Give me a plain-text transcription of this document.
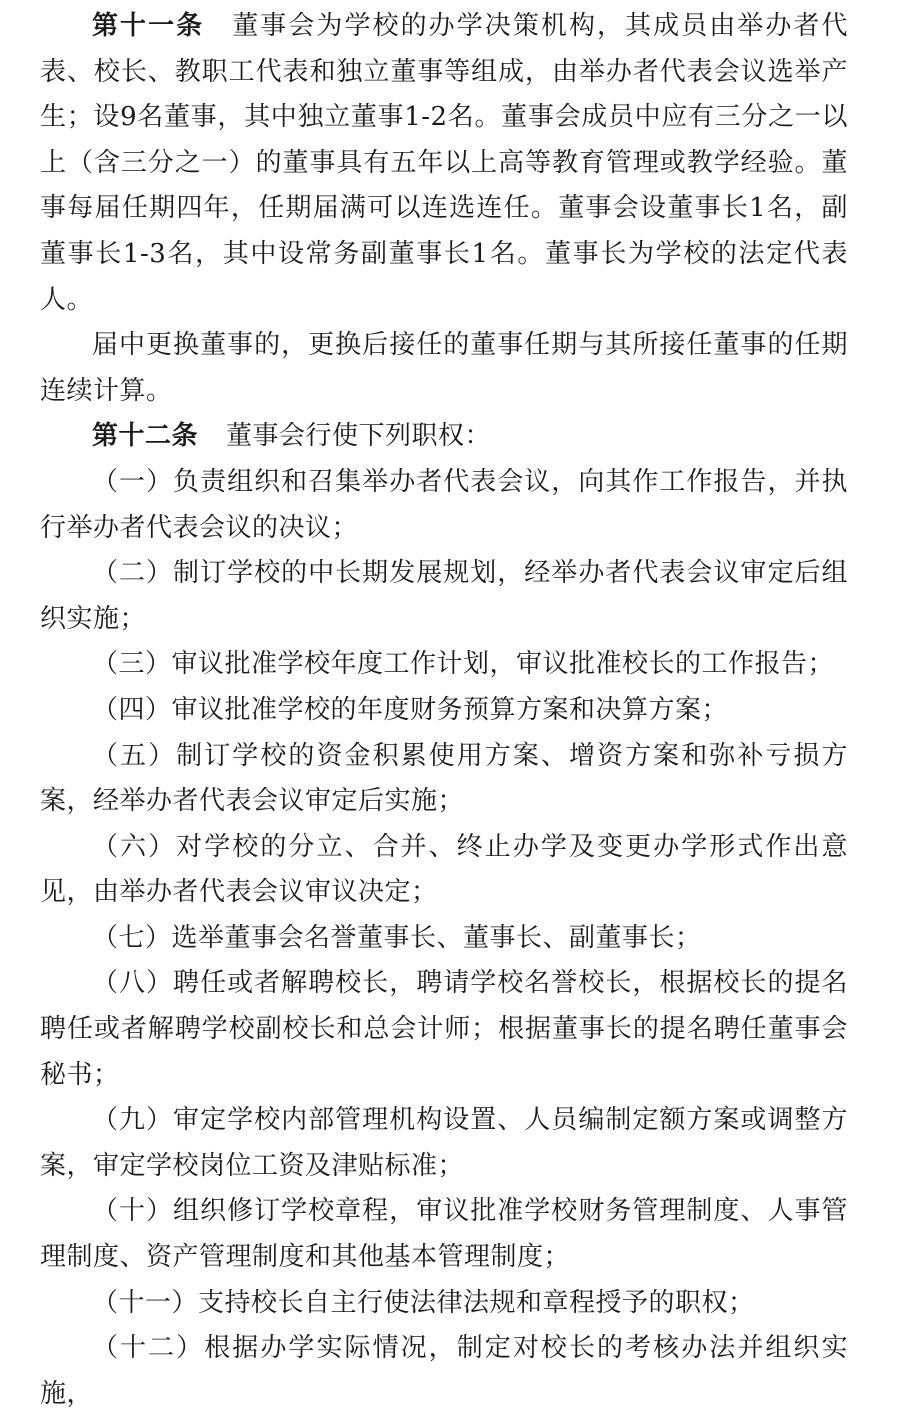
第十一条 董事会为学校的办学决策机构，其成员由举办者代表、校长、教职工代表和独立董事等组成，由举办者代表会议选举产生；设9名董事，其中独立董事1-2名。董事会成员中应有三分之一以上（含三分之一）的董事具有五年以上高等教育管理或教学经验。董事每届任期四年，任期届满可以连选连任。董事会设董事长1名，副董事长1-3名，其中设常务副董事长1名。董事长为学校的法定代表人。

届中更换董事的，更换后接任的董事任期与其所接任董事的任期连续计算。

第十二条 董事会行使下列职权：

（一）负责组织和召集举办者代表会议，向其作工作报告，并执行举办者代表会议的决议；

（二）制订学校的中长期发展规划，经举办者代表会议审定后组织实施；

（三）审议批准学校年度工作计划，审议批准校长的工作报告；

（四）审议批准学校的年度财务预算方案和决算方案；

（五）制订学校的资金积累使用方案、增资方案和弥补亏损方案，经举办者代表会议审定后实施；

（六）对学校的分立、合并、终止办学及变更办学形式作出意见，由举办者代表会议审议决定；

（七）选举董事会名誉董事长、董事长、副董事长；

（八）聘任或者解聘校长，聘请学校名誉校长，根据校长的提名聘任或者解聘学校副校长和总会计师；根据董事长的提名聘任董事会秘书；

（九）审定学校内部管理机构设置、人员编制定额方案或调整方案，审定学校岗位工资及津贴标准；

（十）组织修订学校章程，审议批准学校财务管理制度、人事管理制度、资产管理制度和其他基本管理制度；

（十一）支持校长自主行使法律法规和章程授予的职权；

（十二）根据办学实际情况，制定对校长的考核办法并组织实施，
